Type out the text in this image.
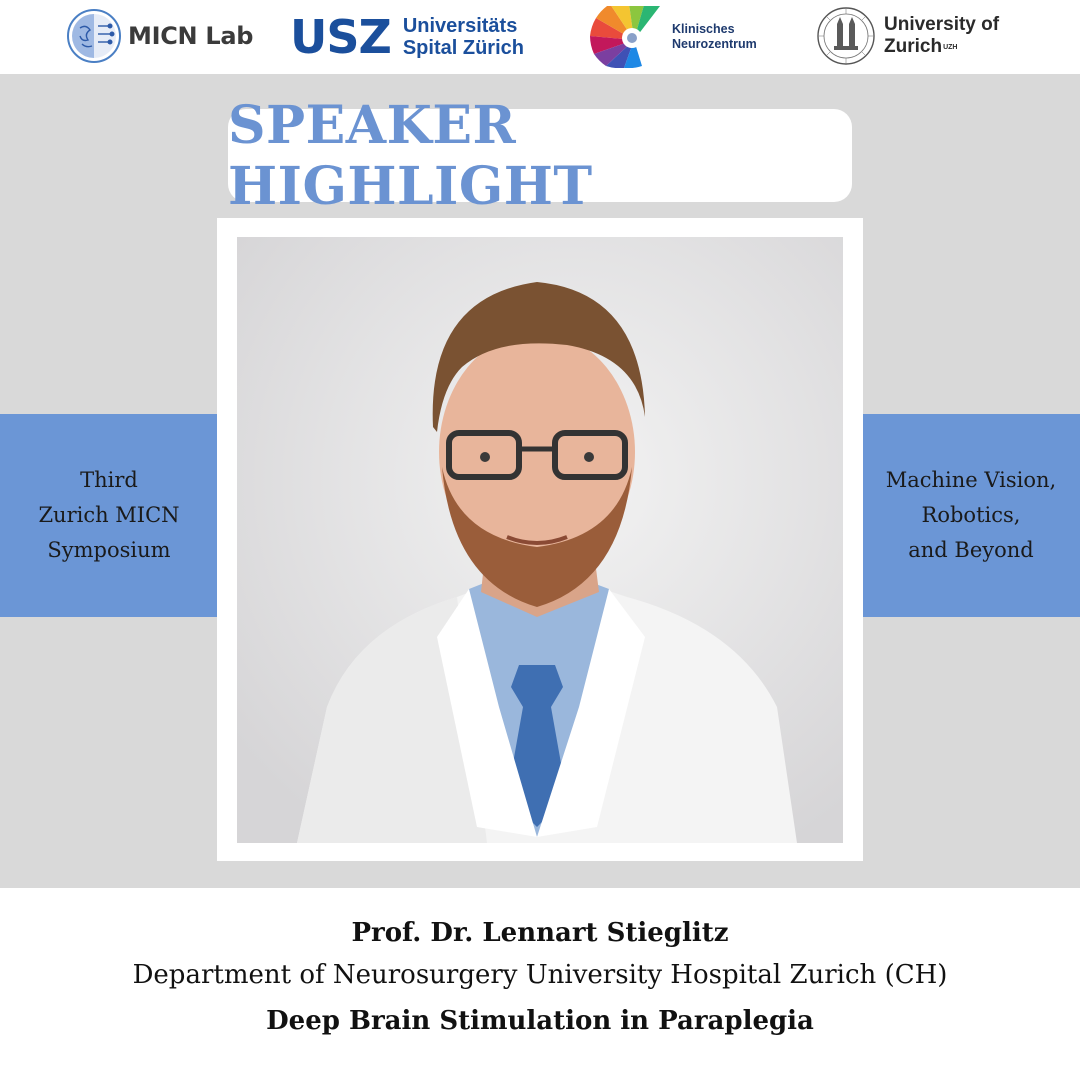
MICN Lab USZ Universitäts
Spital Zürich
Klinisches
Neurozentrum
University of
Zurich$^{UZH}$
SPEAKER HIGHLIGHT
Third
Zurich MICN
Symposium
Machine Vision,
Robotics,
and Beyond
Prof. Dr. Lennart Stieglitz
Department of Neurosurgery University Hospital Zurich (CH)
Deep Brain Stimulation in Paraplegia
